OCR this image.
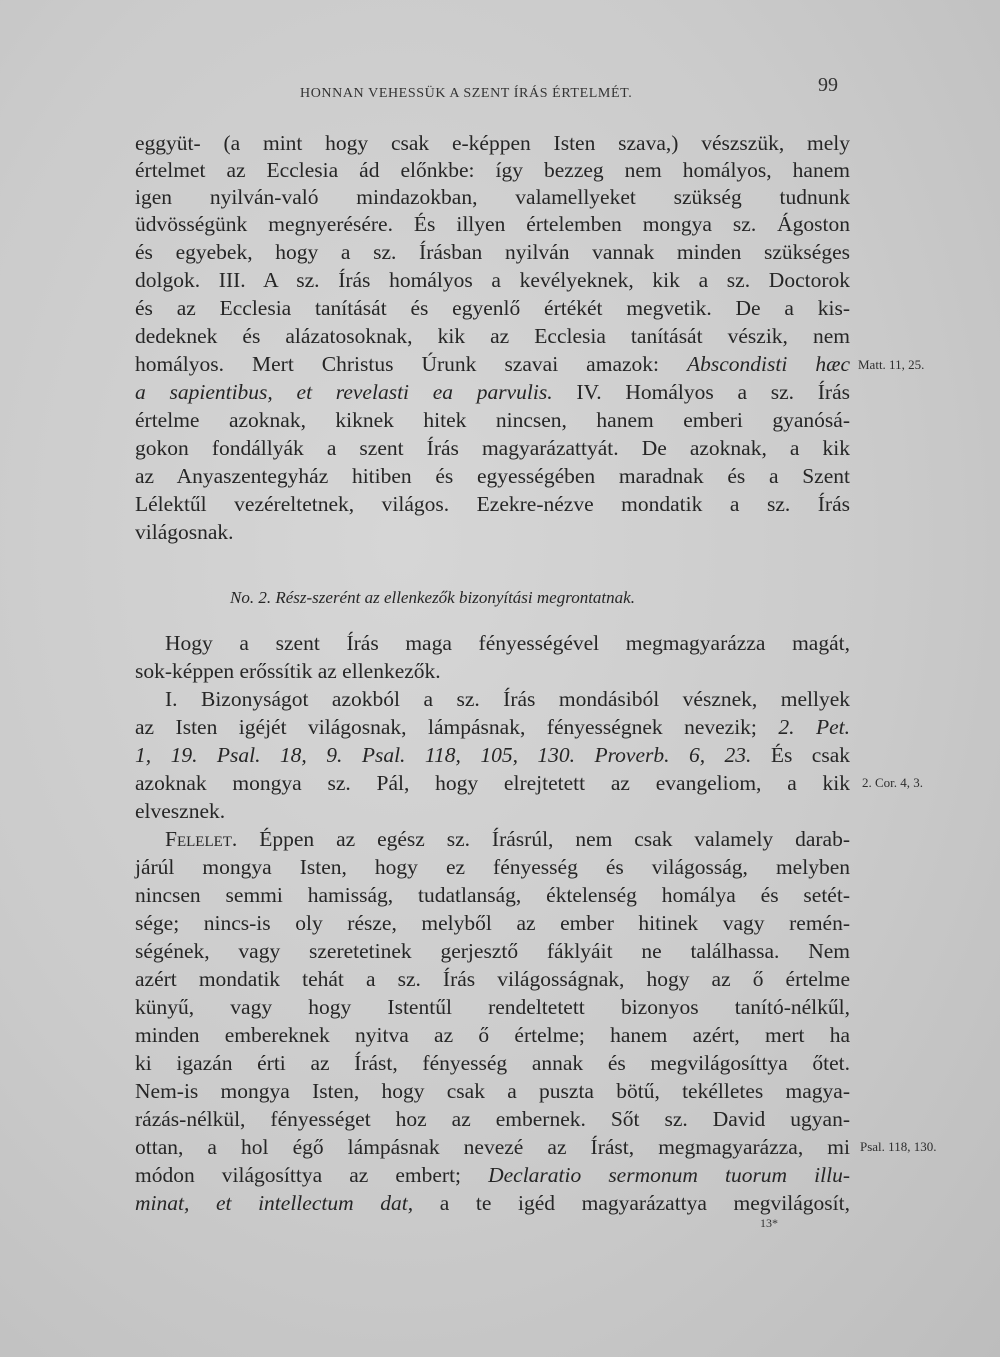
HONNAN VEHESSÜK A SZENT ÍRÁS ÉRTELMÉT.	99
eggyüt- (a mint hogy csak e-képpen Isten szava,) vészszük, mely
értelmet az Ecclesia ád előnkbe: így bezzeg nem homályos, hanem
igen nyilván-való mindazokban, valamellyeket szükség tudnunk
üdvösségünk megnyerésére. És illyen értelemben mongya sz. Ágoston
és egyebek, hogy a sz. Írásban nyilván vannak minden szükséges
dolgok. III. A sz. Írás homályos a kevélyeknek, kik a sz. Doctorok
és az Ecclesia tanítását és egyenlő értékét megvetik. De a kis-
dedeknek és alázatosoknak, kik az Ecclesia tanítását vészik, nem
homályos. Mert Christus Úrunk szavai amazok: Abscondisti hæc
a sapientibus, et revelasti ea parvulis. IV. Homályos a sz. Írás
értelme azoknak, kiknek hitek nincsen, hanem emberi gyanósá-
gokon fondállyák a szent Írás magyarázattyát. De azoknak, a kik
az Anyaszentegyház hitiben és egyességében maradnak és a Szent
Lélektűl vezéreltetnek, világos. Ezekre-nézve mondatik a sz. Írás
világosnak.
Matt. 11, 25.
No. 2. Rész-szerént az ellenkezők bizonyítási megrontatnak.
Hogy a szent Írás maga fényességével megmagyarázza magát,
sok-képpen erőssítik az ellenkezők.
I. Bizonyságot azokból a sz. Írás mondásiból vésznek, mellyek
az Isten igéjét világosnak, lámpásnak, fényességnek nevezik; 2. Pet.
1, 19. Psal. 18, 9. Psal. 118, 105, 130. Proverb. 6, 23. És csak
azoknak mongya sz. Pál, hogy elrejtetett az evangeliom, a kik
elvesznek.
2. Cor. 4, 3.
Felelet. Éppen az egész sz. Írásrúl, nem csak valamely darab-
járúl mongya Isten, hogy ez fényesség és világosság, melyben
nincsen semmi hamisság, tudatlanság, éktelenség homálya és setét-
sége; nincs-is oly része, melyből az ember hitinek vagy remén-
ségének, vagy szeretetinek gerjesztő fáklyáit ne találhassa. Nem
azért mondatik tehát a sz. Írás világosságnak, hogy az ő értelme
künyű, vagy hogy Istentűl rendeltetett bizonyos tanító-nélkűl,
minden embereknek nyitva az ő értelme; hanem azért, mert ha
ki igazán érti az Írást, fényesség annak és megvilágosíttya őtet.
Nem-is mongya Isten, hogy csak a puszta bötű, tekélletes magya-
rázás-nélkül, fényességet hoz az embernek. Sőt sz. David ugyan-
ottan, a hol égő lámpásnak nevezé az Írást, megmagyarázza, mi
módon világosíttya az embert; Declaratio sermonum tuorum illu-
minat, et intellectum dat, a te igéd magyarázattya megvilágosít,
Psal. 118, 130.
13*
